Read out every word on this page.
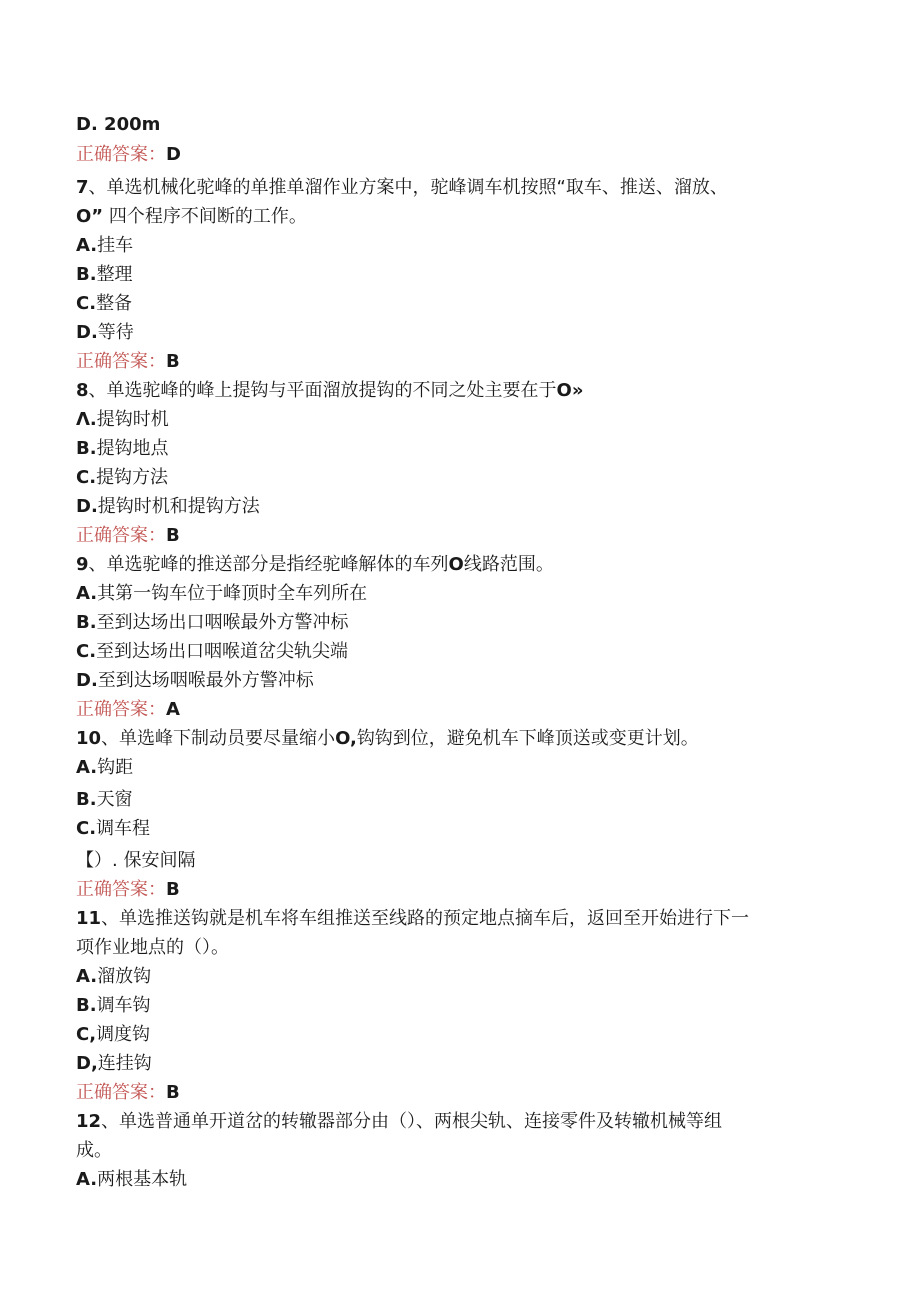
D. 200m
正确答案：D
7、单选机械化驼峰的单推单溜作业方案中，驼峰调车机按照“取车、推送、溜放、
O” 四个程序不间断的工作。
A.挂车
B.整理
C.整备
D.等待
正确答案：B
8、单选驼峰的峰上提钩与平面溜放提钩的不同之处主要在于O»
Λ.提钩时机
B.提钩地点
C.提钩方法
D.提钩时机和提钩方法
正确答案：B
9、单选驼峰的推送部分是指经驼峰解体的车列O线路范围。
A.其第一钩车位于峰顶时全车列所在
B.至到达场出口咽喉最外方警冲标
C.至到达场出口咽喉道岔尖轨尖端
D.至到达场咽喉最外方警冲标
正确答案：A
10、单选峰下制动员要尽量缩小O,钩钩到位，避免机车下峰顶送或变更计划。
A.钩距
B.天窗
C.调车程
【）. 保安间隔
正确答案：B
11、单选推送钩就是机车将车组推送至线路的预定地点摘车后，返回至开始进行下一
项作业地点的（）。
A.溜放钩
B.调车钩
C,调度钩
D,连挂钩
正确答案：B
12、单选普通单开道岔的转辙器部分由（）、两根尖轨、连接零件及转辙机械等组
成。
A.两根基本轨
